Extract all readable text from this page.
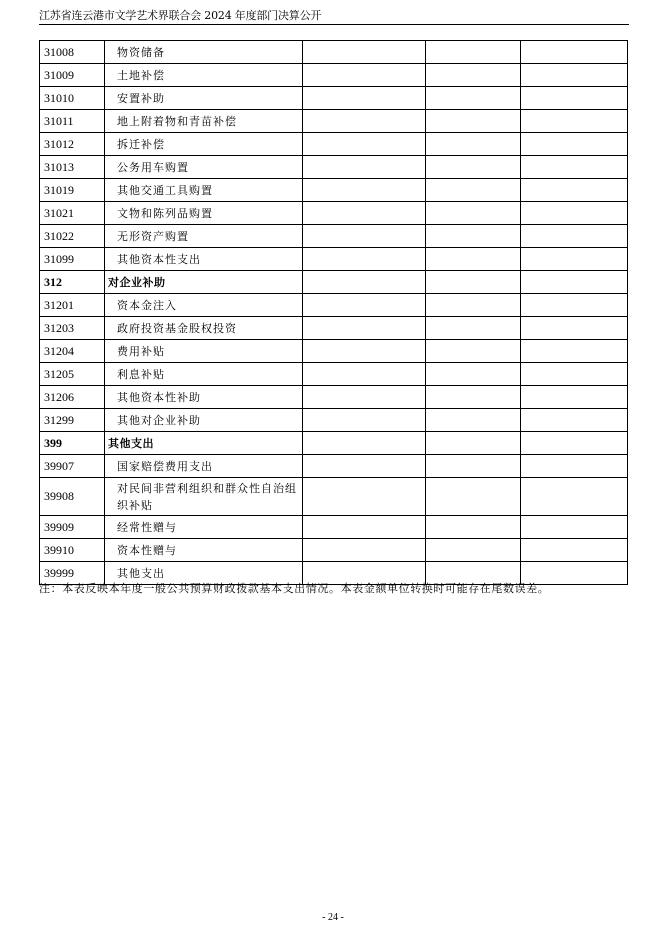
江苏省连云港市文学艺术界联合会 2024 年度部门决算公开
31008	物资储备			
31009	土地补偿			
31010	安置补助			
31011	地上附着物和青苗补偿			
31012	拆迁补偿			
31013	公务用车购置			
31019	其他交通工具购置			
31021	文物和陈列品购置			
31022	无形资产购置			
31099	其他资本性支出			
312	对企业补助			
31201	资本金注入			
31203	政府投资基金股权投资			
31204	费用补贴			
31205	利息补贴			
31206	其他资本性补助			
31299	其他对企业补助			
399	其他支出			
39907	国家赔偿费用支出			
39908	对民间非营利组织和群众性自治组织补贴			
39909	经常性赠与			
39910	资本性赠与			
39999	其他支出			
注：本表反映本年度一般公共预算财政拨款基本支出情况。本表金额单位转换时可能存在尾数误差。
- 24 -
